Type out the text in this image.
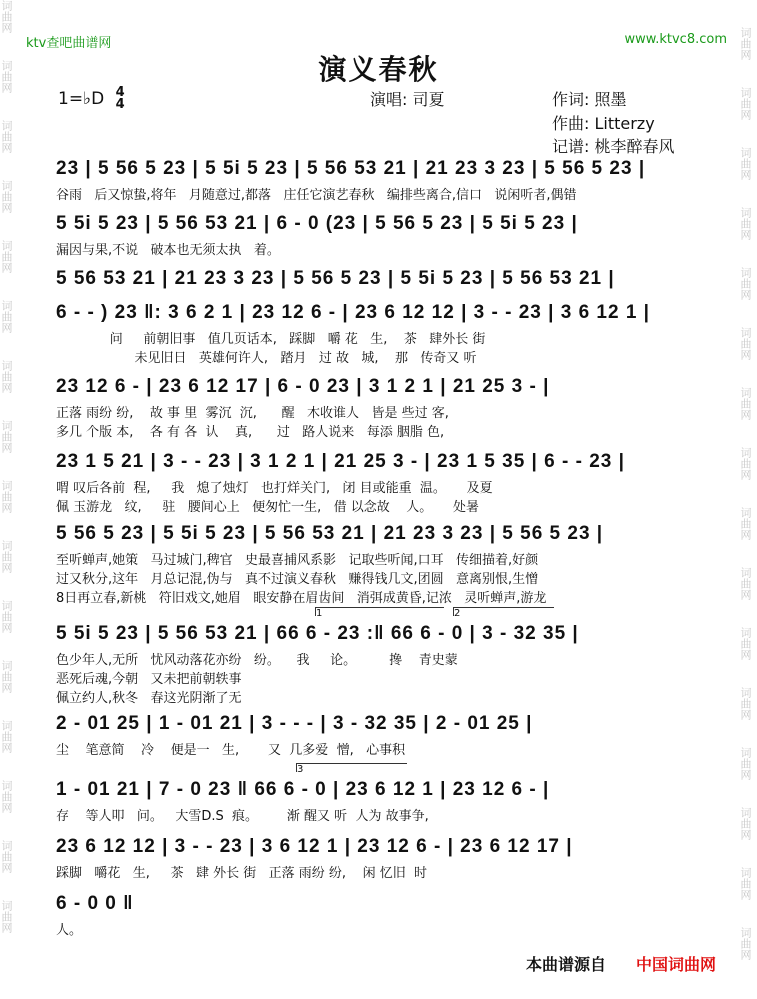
词曲网
词曲网
词曲网
词曲网
词曲网
词曲网
词曲网
词曲网
词曲网
词曲网
词曲网
词曲网
词曲网
词曲网
词曲网
词曲网
词曲网
词曲网
词曲网
词曲网
词曲网
词曲网
词曲网
词曲网
词曲网
词曲网
词曲网
词曲网
词曲网
词曲网
词曲网
词曲网
ktv查吧曲谱网	www.ktvc8.com
演义春秋
1=♭D 4
4	演唱: 司夏	作词: 照墨
作曲: Litterzy
记谱: 桃李醉春风
23 | 5 56 5 23 | 5 5i 5 23 | 5 56 53 21 | 21 23 3 23 | 5 56 5 23 |
谷雨   后又惊蛰,将年   月随意过,都落   庄任它演艺春秋   编排些离合,信口   说闲听者,偶错
5 5i 5 23 | 5 56 53 21 | 6 - 0 (23 | 5 56 5 23 | 5 5i 5 23 |
漏因与果,不说   破本也无须太执   着。
5 56 53 21 | 21 23 3 23 | 5 56 5 23 | 5 5i 5 23 | 5 56 53 21 |
6 - - ) 23 ‖: 3 6 2 1 | 23 12 6 - | 23 6 12 12 | 3 - - 23 | 3 6 12 1 |
问     前朝旧事   值几页话本,   踩脚   嚼 花   生,    茶   肆外长 街
未见旧日   英雄何许人,   踏月   过 故   城,    那   传奇又 听
23 12 6 - | 23 6 12 17 | 6 - 0 23 | 3 1 2 1 | 21 25 3 - |
正落 雨纷 纷,    故 事 里  雾沉  沉,      醒   木收谁人   皆是 些过 客,
多几 个版 本,    各 有 各  认    真,      过   路人说来   每添 胭脂 色,
23 1 5 21 | 3 - - 23 | 3 1 2 1 | 21 25 3 - | 23 1 5 35 | 6 - - 23 |
喟 叹后各前  程,     我   熄了烛灯   也打烊关门,   闭 目或能重  温。     及夏
佩 玉游龙   纹,     驻   腰间心上   便匆忙一生,   借 以念故    人。     处暑
5 56 5 23 | 5 5i 5 23 | 5 56 53 21 | 21 23 3 23 | 5 56 5 23 |
至听蝉声,她策   马过城门,稗官   史最喜捕风系影   记取些听闻,口耳   传细描着,好颜
过又秋分,这年   月总记混,伪与   真不过演义春秋   赚得钱几文,团圆   意离别恨,生憎
8日再立春,新桃   符旧戏文,她眉   眼安静在眉齿间   消弭成黄昏,记浓   灵听蝉声,游龙
5 5i 5 23 | 5 56 53 21 | 66 6 - 23 :‖ 66 6 - 0 | 3 - 32 35 |
色少年人,无所   忧风动落花亦纷   纷。    我     论。        搀    青史蒙
恶死后魂,今朝   又未把前朝轶事
佩立约人,秋冬   春这光阴渐了无
2 - 01 25 | 1 - 01 21 | 3 - - - | 3 - 32 35 | 2 - 01 25 |
尘    笔意简    冷    便是一   生,       又  几多爱  憎,   心事积
1 - 01 21 | 7 - 0 23 ‖ 66 6 - 0 | 23 6 12 1 | 23 12 6 - |
存    等人叩   问。   大雪D.S  痕。       渐 醒又 听  人为 故事争,
23 6 12 12 | 3 - - 23 | 3 6 12 1 | 23 12 6 - | 23 6 12 17 |
踩脚   嚼花   生,     茶   肆 外长 街   正落 雨纷 纷,    闲 忆旧  时
6 - 0 0 ‖
人。
1	2
3
本曲谱源自 中国词曲网
